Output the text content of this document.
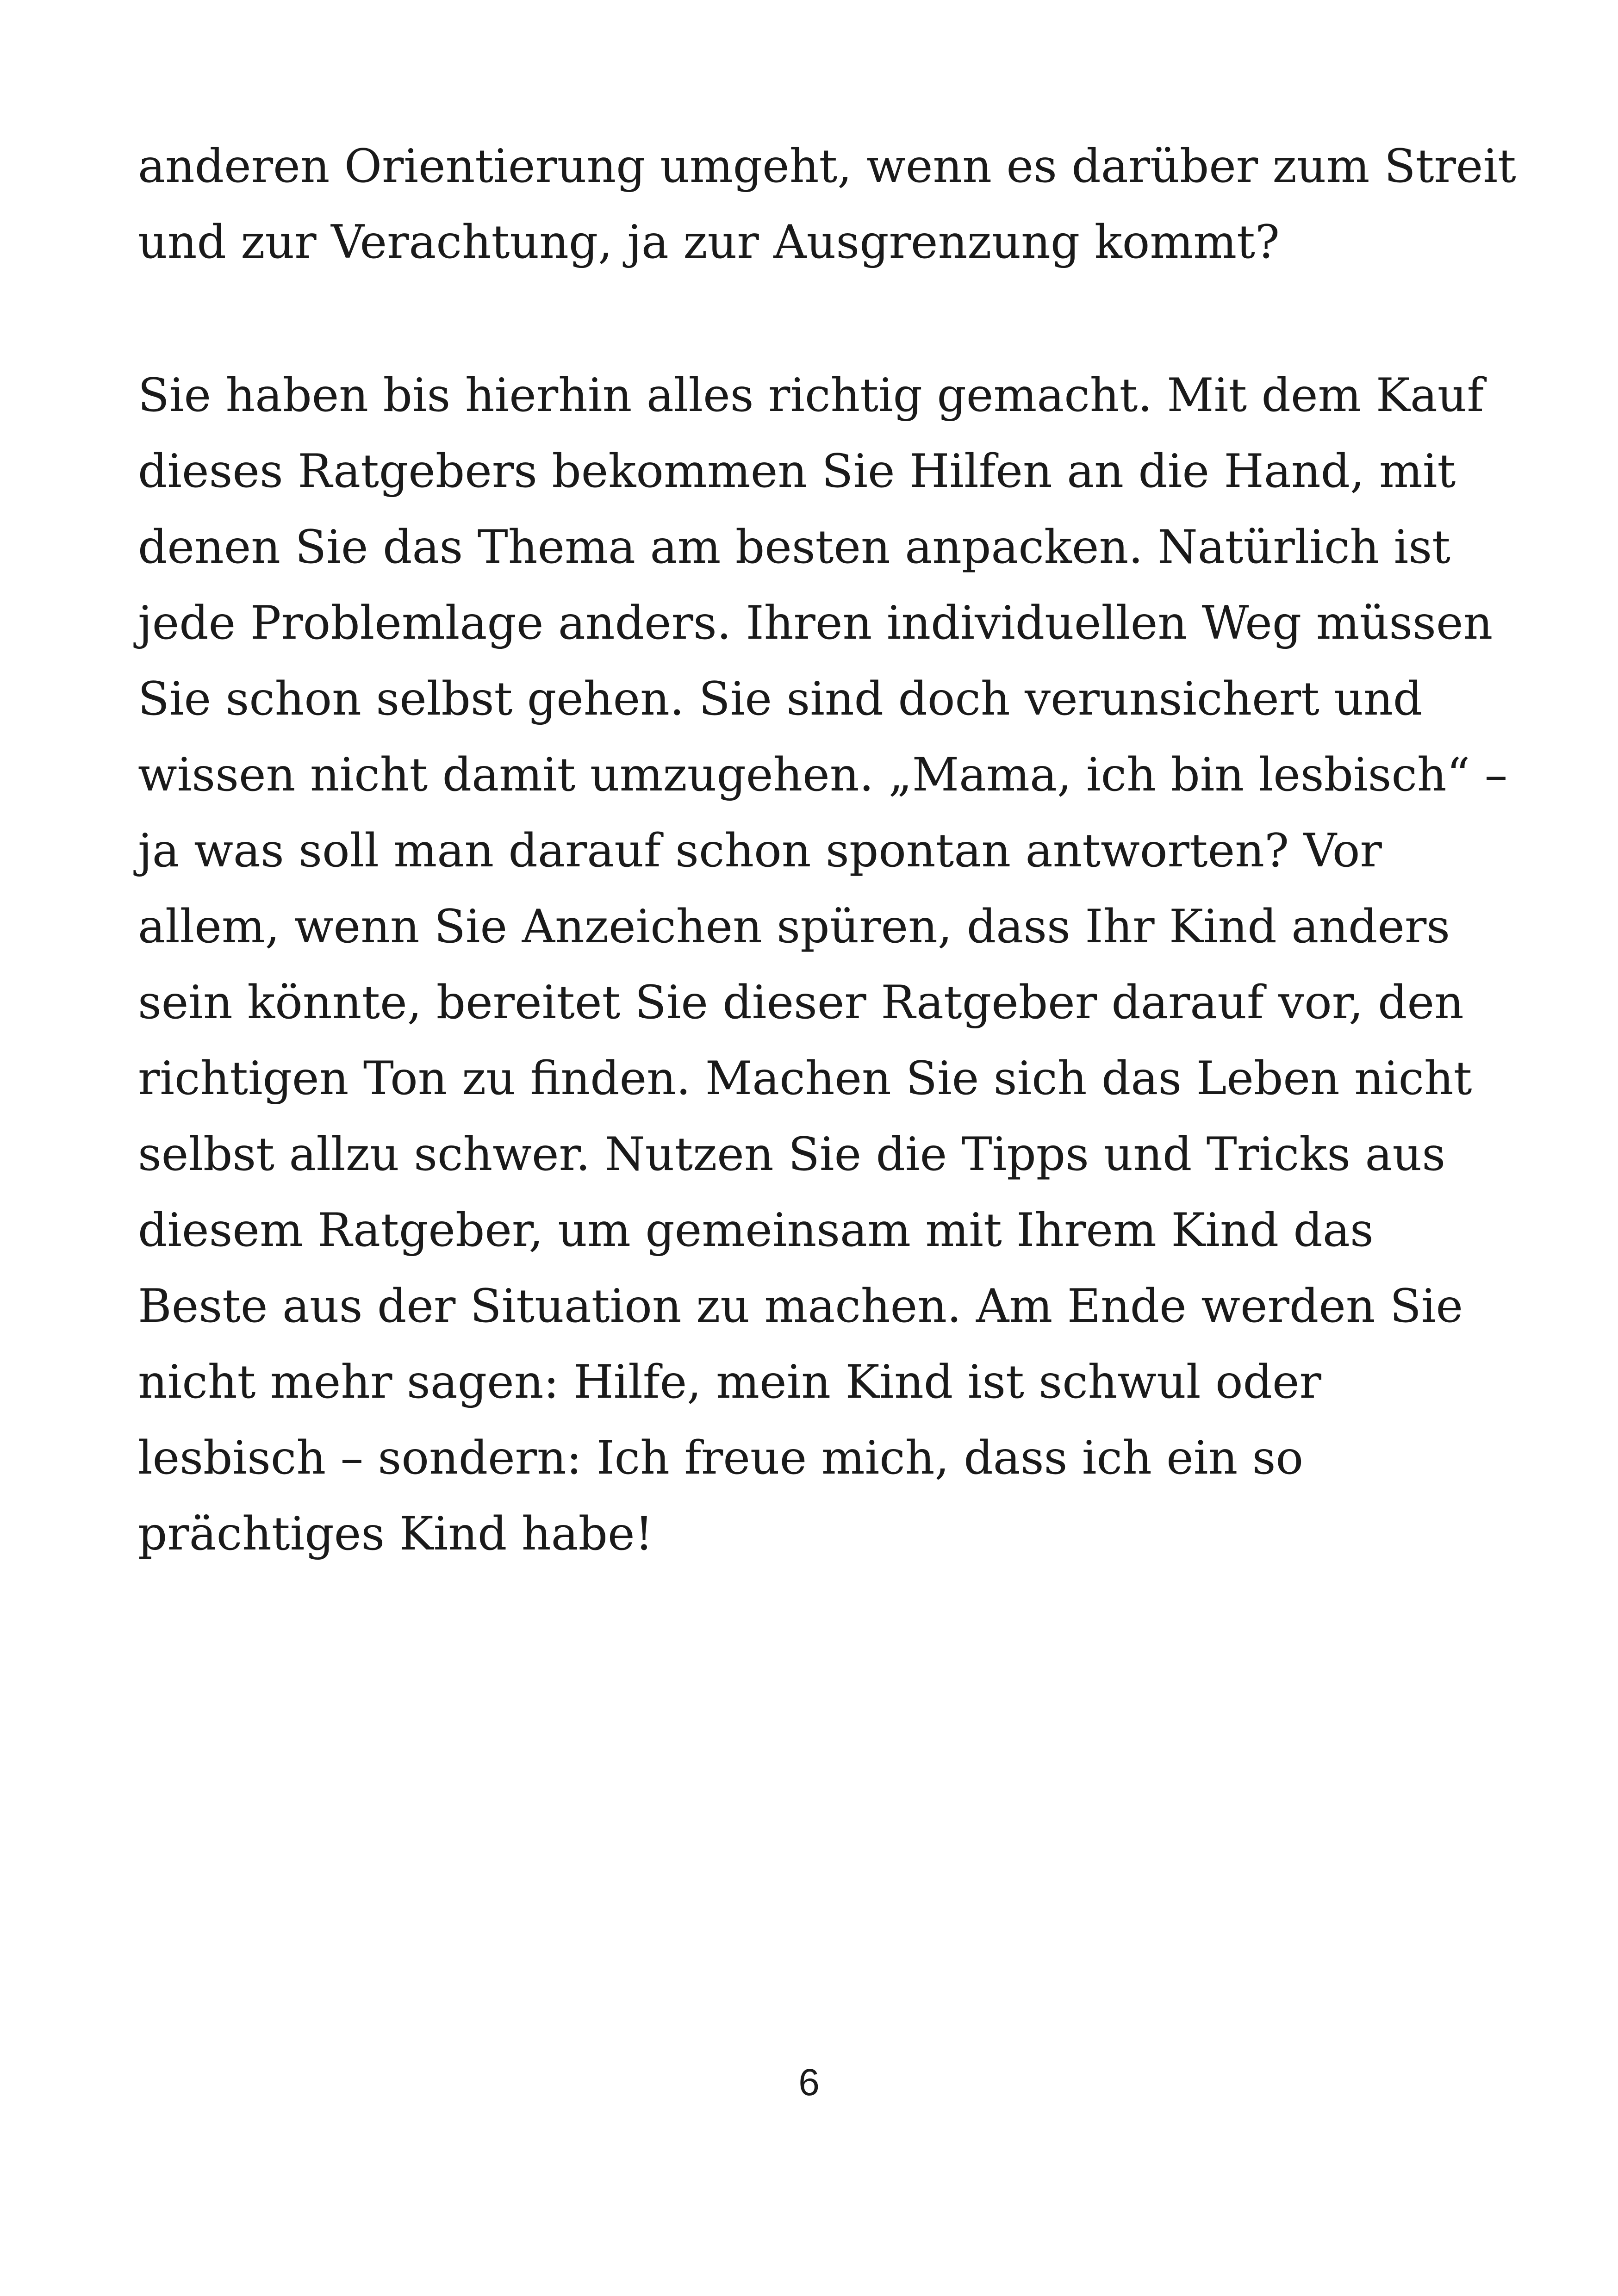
anderen Orientierung umgeht, wenn es darüber zum Streit
und zur Verachtung, ja zur Ausgrenzung kommt?
Sie haben bis hierhin alles richtig gemacht. Mit dem Kauf
dieses Ratgebers bekommen Sie Hilfen an die Hand, mit
denen Sie das Thema am besten anpacken. Natürlich ist
jede Problemlage anders. Ihren individuellen Weg müssen
Sie schon selbst gehen. Sie sind doch verunsichert und
wissen nicht damit umzugehen. „Mama, ich bin lesbisch“ –
ja was soll man darauf schon spontan antworten? Vor
allem, wenn Sie Anzeichen spüren, dass Ihr Kind anders
sein könnte, bereitet Sie dieser Ratgeber darauf vor, den
richtigen Ton zu finden. Machen Sie sich das Leben nicht
selbst allzu schwer. Nutzen Sie die Tipps und Tricks aus
diesem Ratgeber, um gemeinsam mit Ihrem Kind das
Beste aus der Situation zu machen. Am Ende werden Sie
nicht mehr sagen: Hilfe, mein Kind ist schwul oder
lesbisch – sondern: Ich freue mich, dass ich ein so
prächtiges Kind habe!
6
